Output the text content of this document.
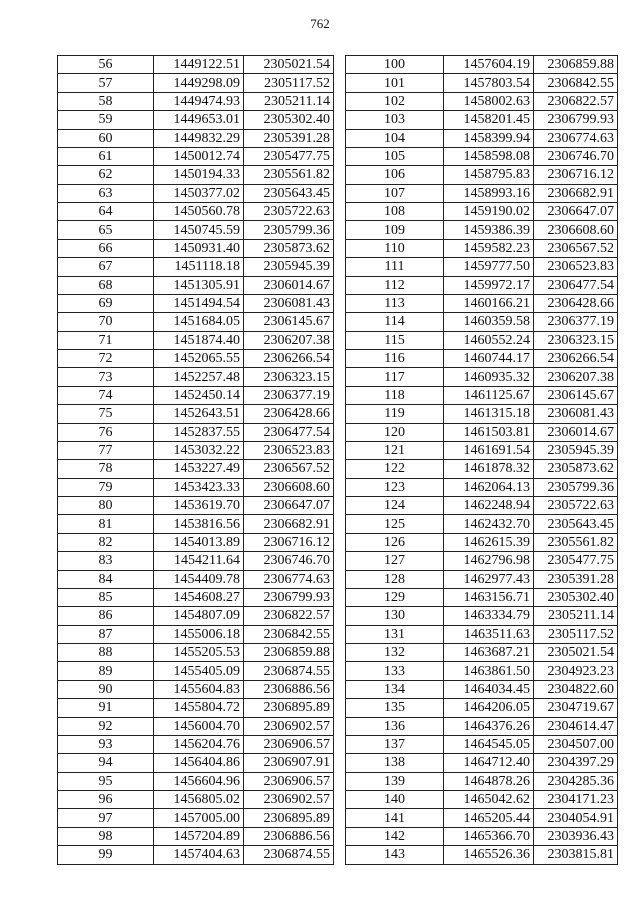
762
56	1449122.51	2305021.54
57	1449298.09	2305117.52
58	1449474.93	2305211.14
59	1449653.01	2305302.40
60	1449832.29	2305391.28
61	1450012.74	2305477.75
62	1450194.33	2305561.82
63	1450377.02	2305643.45
64	1450560.78	2305722.63
65	1450745.59	2305799.36
66	1450931.40	2305873.62
67	1451118.18	2305945.39
68	1451305.91	2306014.67
69	1451494.54	2306081.43
70	1451684.05	2306145.67
71	1451874.40	2306207.38
72	1452065.55	2306266.54
73	1452257.48	2306323.15
74	1452450.14	2306377.19
75	1452643.51	2306428.66
76	1452837.55	2306477.54
77	1453032.22	2306523.83
78	1453227.49	2306567.52
79	1453423.33	2306608.60
80	1453619.70	2306647.07
81	1453816.56	2306682.91
82	1454013.89	2306716.12
83	1454211.64	2306746.70
84	1454409.78	2306774.63
85	1454608.27	2306799.93
86	1454807.09	2306822.57
87	1455006.18	2306842.55
88	1455205.53	2306859.88
89	1455405.09	2306874.55
90	1455604.83	2306886.56
91	1455804.72	2306895.89
92	1456004.70	2306902.57
93	1456204.76	2306906.57
94	1456404.86	2306907.91
95	1456604.96	2306906.57
96	1456805.02	2306902.57
97	1457005.00	2306895.89
98	1457204.89	2306886.56
99	1457404.63	2306874.55
100	1457604.19	2306859.88
101	1457803.54	2306842.55
102	1458002.63	2306822.57
103	1458201.45	2306799.93
104	1458399.94	2306774.63
105	1458598.08	2306746.70
106	1458795.83	2306716.12
107	1458993.16	2306682.91
108	1459190.02	2306647.07
109	1459386.39	2306608.60
110	1459582.23	2306567.52
111	1459777.50	2306523.83
112	1459972.17	2306477.54
113	1460166.21	2306428.66
114	1460359.58	2306377.19
115	1460552.24	2306323.15
116	1460744.17	2306266.54
117	1460935.32	2306207.38
118	1461125.67	2306145.67
119	1461315.18	2306081.43
120	1461503.81	2306014.67
121	1461691.54	2305945.39
122	1461878.32	2305873.62
123	1462064.13	2305799.36
124	1462248.94	2305722.63
125	1462432.70	2305643.45
126	1462615.39	2305561.82
127	1462796.98	2305477.75
128	1462977.43	2305391.28
129	1463156.71	2305302.40
130	1463334.79	2305211.14
131	1463511.63	2305117.52
132	1463687.21	2305021.54
133	1463861.50	2304923.23
134	1464034.45	2304822.60
135	1464206.05	2304719.67
136	1464376.26	2304614.47
137	1464545.05	2304507.00
138	1464712.40	2304397.29
139	1464878.26	2304285.36
140	1465042.62	2304171.23
141	1465205.44	2304054.91
142	1465366.70	2303936.43
143	1465526.36	2303815.81
